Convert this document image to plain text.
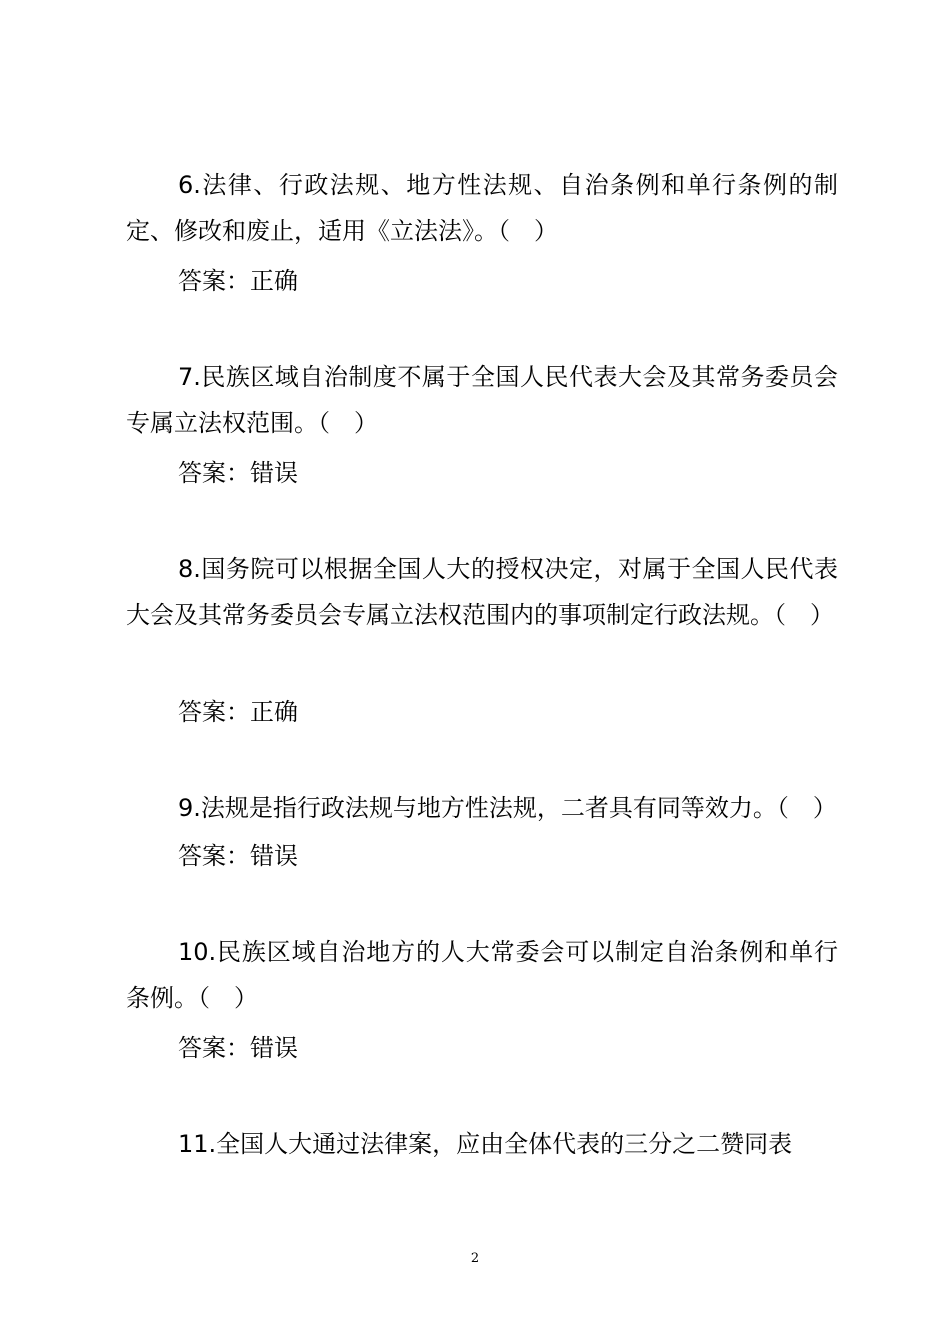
6.法律、行政法规、地方性法规、自治条例和单行条例的制定、修改和废止，适用《立法法》。（　）

答案：正确

7.民族区域自治制度不属于全国人民代表大会及其常务委员会专属立法权范围。（　）

答案：错误

8.国务院可以根据全国人大的授权决定，对属于全国人民代表大会及其常务委员会专属立法权范围内的事项制定行政法规。（　）

答案：正确

9.法规是指行政法规与地方性法规，二者具有同等效力。（　）

答案：错误

10.民族区域自治地方的人大常委会可以制定自治条例和单行条例。（　）

答案：错误

11.全国人大通过法律案，应由全体代表的三分之二赞同表

2
